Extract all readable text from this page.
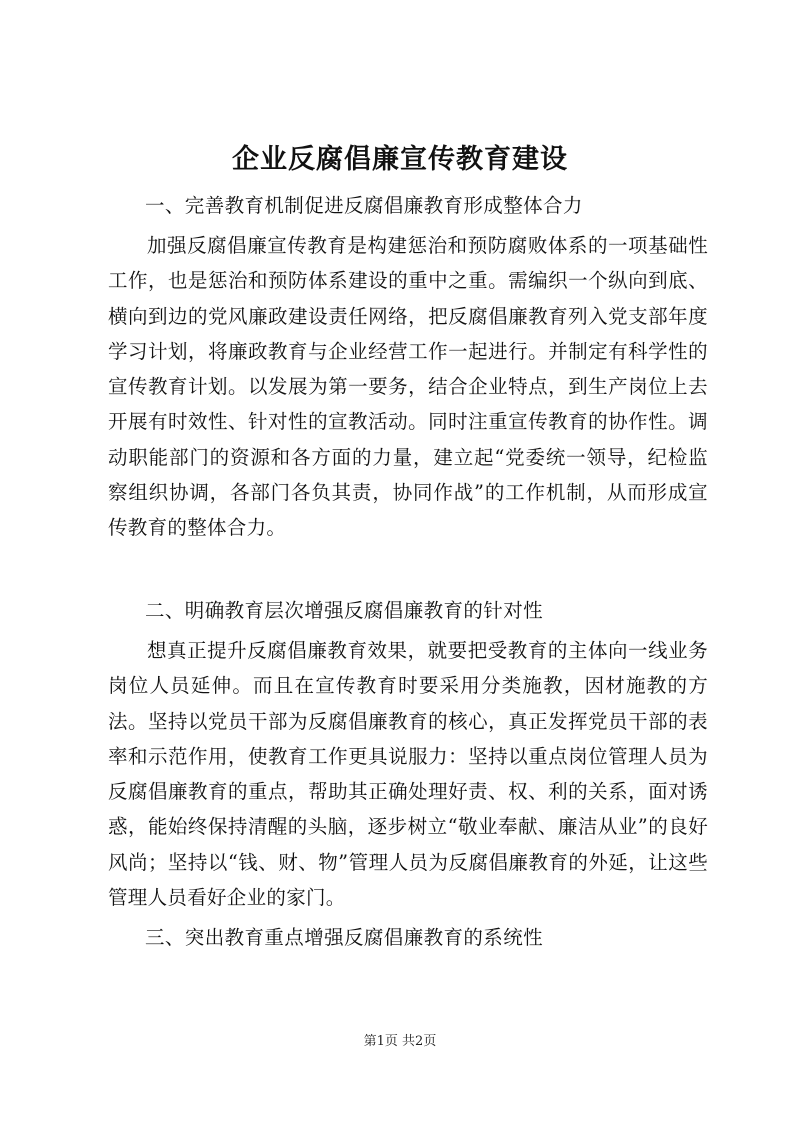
企业反腐倡廉宣传教育建设
一、完善教育机制促进反腐倡廉教育形成整体合力

加强反腐倡廉宣传教育是构建惩治和预防腐败体系的一项基础性工作，也是惩治和预防体系建设的重中之重。需编织一个纵向到底、横向到边的党风廉政建设责任网络，把反腐倡廉教育列入党支部年度学习计划，将廉政教育与企业经营工作一起进行。并制定有科学性的宣传教育计划。以发展为第一要务，结合企业特点，到生产岗位上去开展有时效性、针对性的宣教活动。同时注重宣传教育的协作性。调动职能部门的资源和各方面的力量，建立起“党委统一领导，纪检监察组织协调，各部门各负其责，协同作战”的工作机制，从而形成宣传教育的整体合力。

二、明确教育层次增强反腐倡廉教育的针对性

想真正提升反腐倡廉教育效果，就要把受教育的主体向一线业务岗位人员延伸。而且在宣传教育时要采用分类施教，因材施教的方法。坚持以党员干部为反腐倡廉教育的核心，真正发挥党员干部的表率和示范作用，使教育工作更具说服力：坚持以重点岗位管理人员为反腐倡廉教育的重点，帮助其正确处理好责、权、利的关系，面对诱惑，能始终保持清醒的头脑，逐步树立“敬业奉献、廉洁从业”的良好风尚；坚持以“钱、财、物”管理人员为反腐倡廉教育的外延，让这些管理人员看好企业的家门。

三、突出教育重点增强反腐倡廉教育的系统性
第1页 共2页
